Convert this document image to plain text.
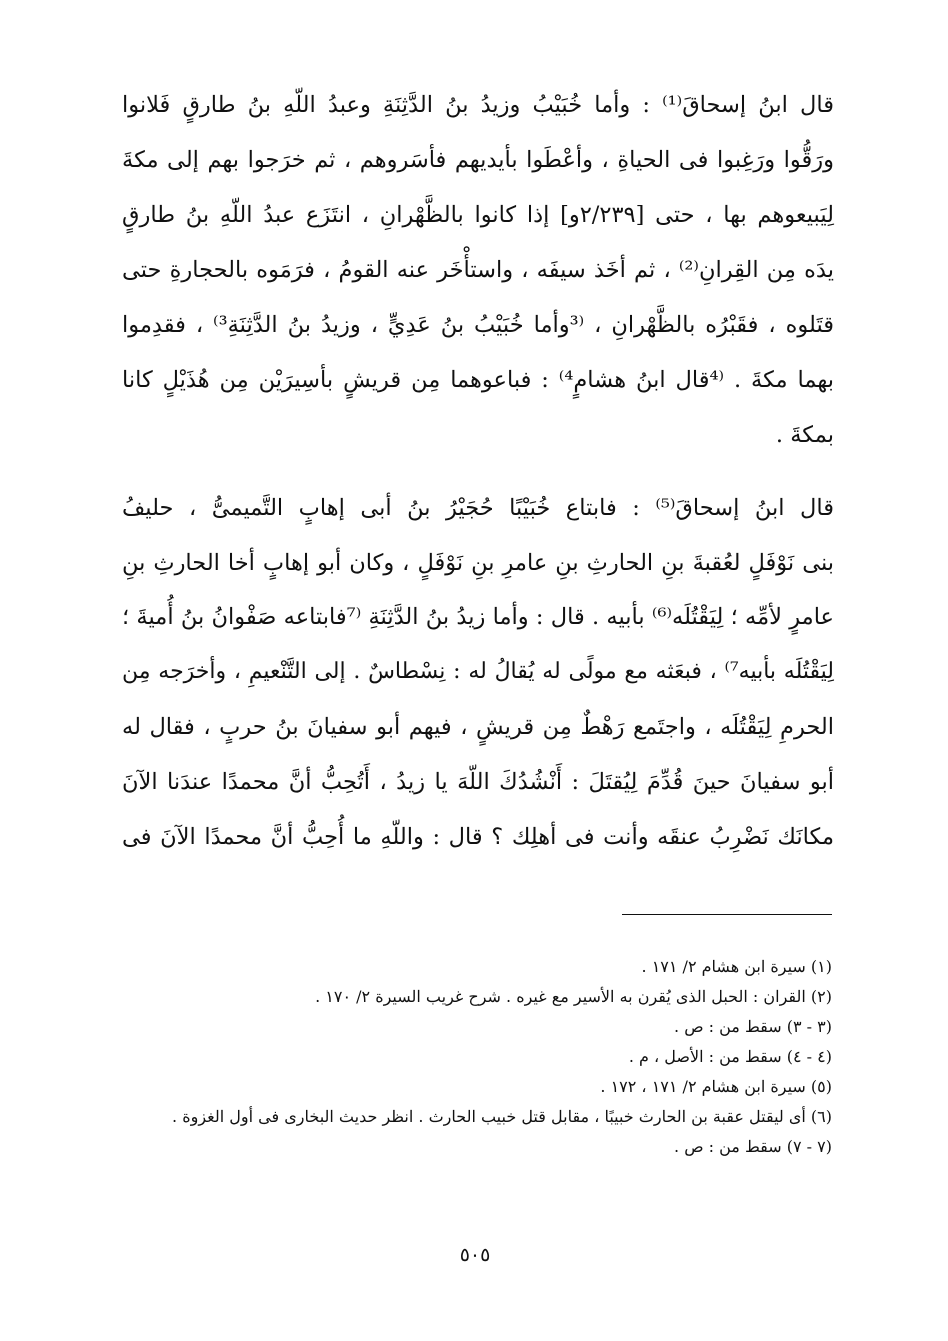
قال ابنُ إسحاقَ⁽¹⁾ : وأما خُبَيْبُ وزيدُ بنُ الدَّثِنَةِ وعبدُ اللّهِ بنُ طارقٍ فَلانوا
ورَقُّوا ورَغِبوا فى الحياةِ ، وأعْطَوا بأيديهم فأسَروهم ، ثم خرَجوا بهم إلى مكةَ
لِيَبيعوهم بها ، حتى [٢/٢٣٩و] إذا كانوا بالظَّهْرانِ ، انتَزَع عبدُ اللّهِ بنُ طارقٍ
يدَه مِن القِرانِ⁽²⁾ ، ثم أخَذ سيفَه ، واستأْخَر عنه القومُ ، فرَمَوه بالحجارةِ حتى
قتَلوه ، فقَبْرُه بالظَّهْرانِ ، ⁽³وأما خُبَيْبُ بنُ عَدِيٍّ ، وزيدُ بنُ الدَّثِنَةِ³⁾ ، فقدِموا
بهما مكةَ . ⁽⁴قال ابنُ هشامٍ⁴⁾ : فباعوهما مِن قريشٍ بأسِيرَيْن مِن هُذَيْلٍ كانا
بمكةَ .
قال ابنُ إسحاقَ⁽⁵⁾ : فابتاع خُبَيْبًا حُجَيْرُ بنُ أبى إهابٍ التَّميمىُّ ، حليفُ
بنى نَوْفَلٍ لعُقبةَ بنِ الحارثِ بنِ عامرِ بنِ نَوْفَلٍ ، وكان أبو إهابٍ أخا الحارثِ بنِ
عامرٍ لأمِّه ؛ لِيَقْتُلَه⁽⁶⁾ بأبيه . قال : وأما زيدُ بنُ الدَّثِنَةِ ⁽⁷فابتاعه صَفْوانُ بنُ أُميةَ ؛
لِيَقْتُلَه بأبيه⁷⁾ ، فبعَثه مع مولًى له يُقالُ له : نِسْطاسٌ . إلى التَّنْعيمِ ، وأخرَجه مِن
الحرمِ لِيَقْتُلَه ، واجتَمع رَهْطٌ مِن قريشٍ ، فيهم أبو سفيانَ بنُ حربٍ ، فقال له
أبو سفيانَ حينَ قُدِّمَ لِيُقتَلَ : أَنْشُدُكَ اللّهَ يا زيدُ ، أَتُحِبُّ أنَّ محمدًا عندَنا الآنَ
مكانَك نَضْرِبُ عنقَه وأنت فى أهلِك ؟ قال : واللّهِ ما أُحِبُّ أنَّ محمدًا الآنَ فى
(١) سيرة ابن هشام ٢/ ١٧١ .
(٢) القران : الحبل الذى يُقرن به الأسير مع غيره . شرح غريب السيرة ٢/ ١٧٠ .
(٣ - ٣) سقط من : ص .
(٤ - ٤) سقط من : الأصل ، م .
(٥) سيرة ابن هشام ٢/ ١٧١ ، ١٧٢ .
(٦) أى ليقتل عقبة بن الحارث خبيبًا ، مقابل قتل خبيب الحارث . انظر حديث البخارى فى أول الغزوة .
(٧ - ٧) سقط من : ص .
٥٠٥
